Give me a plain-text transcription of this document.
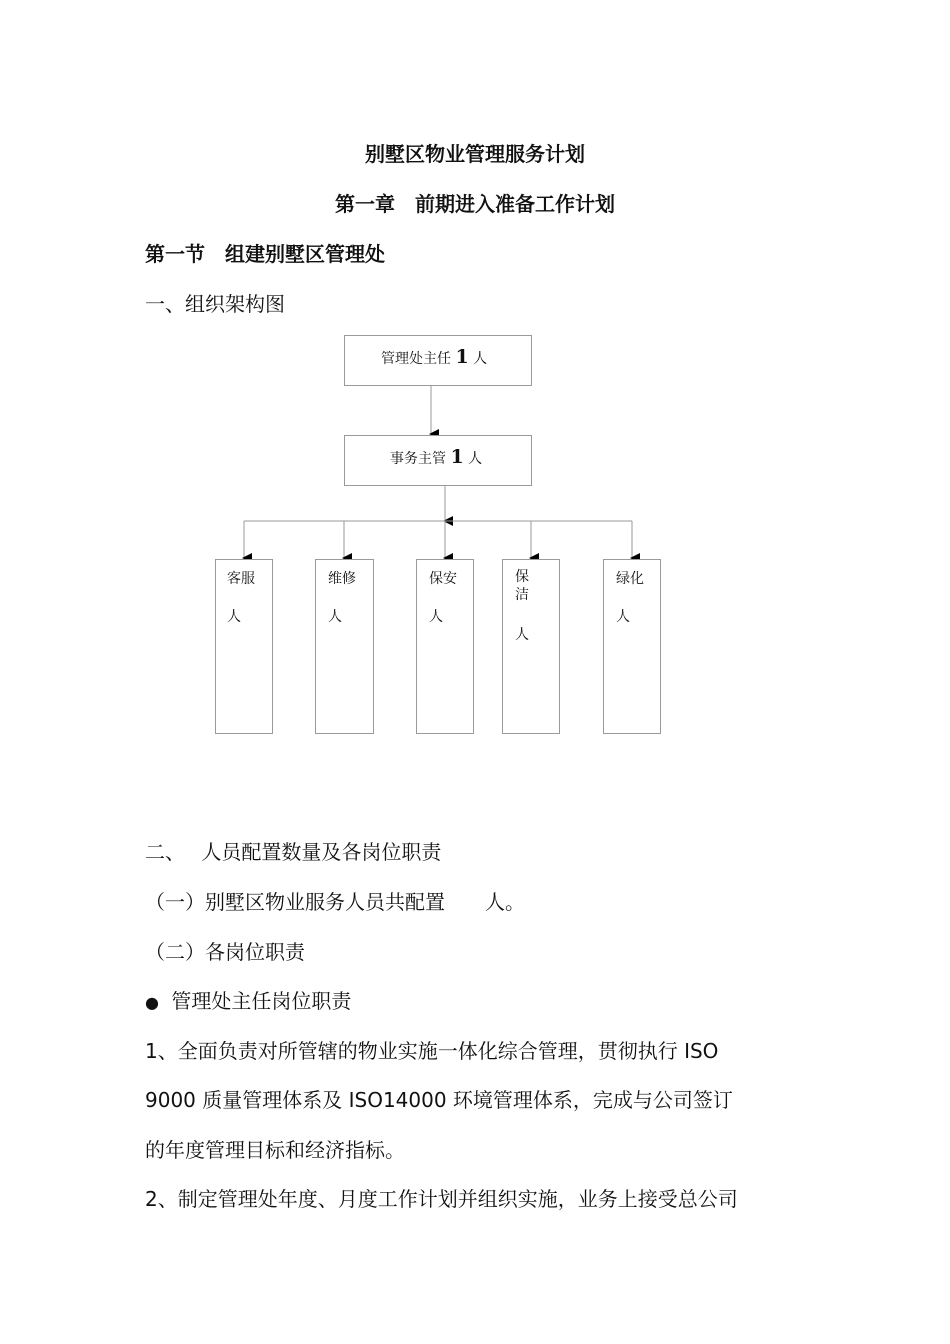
别墅区物业管理服务计划
第一章　前期进入准备工作计划
第一节　组建别墅区管理处
一、组织架构图
管理处主任 1 人
事务主管 1 人
客服
人
维修
人
保安
人
保
洁
人
绿化
人
二、　 人员配置数量及各岗位职责
（一）别墅区物业服务人员共配置　　人。
（二）各岗位职责
● 管理处主任岗位职责
1、全面负责对所管辖的物业实施一体化综合管理，贯彻执行 ISO
9000 质量管理体系及 ISO14000 环境管理体系，完成与公司签订
的年度管理目标和经济指标。
2、制定管理处年度、月度工作计划并组织实施，业务上接受总公司
